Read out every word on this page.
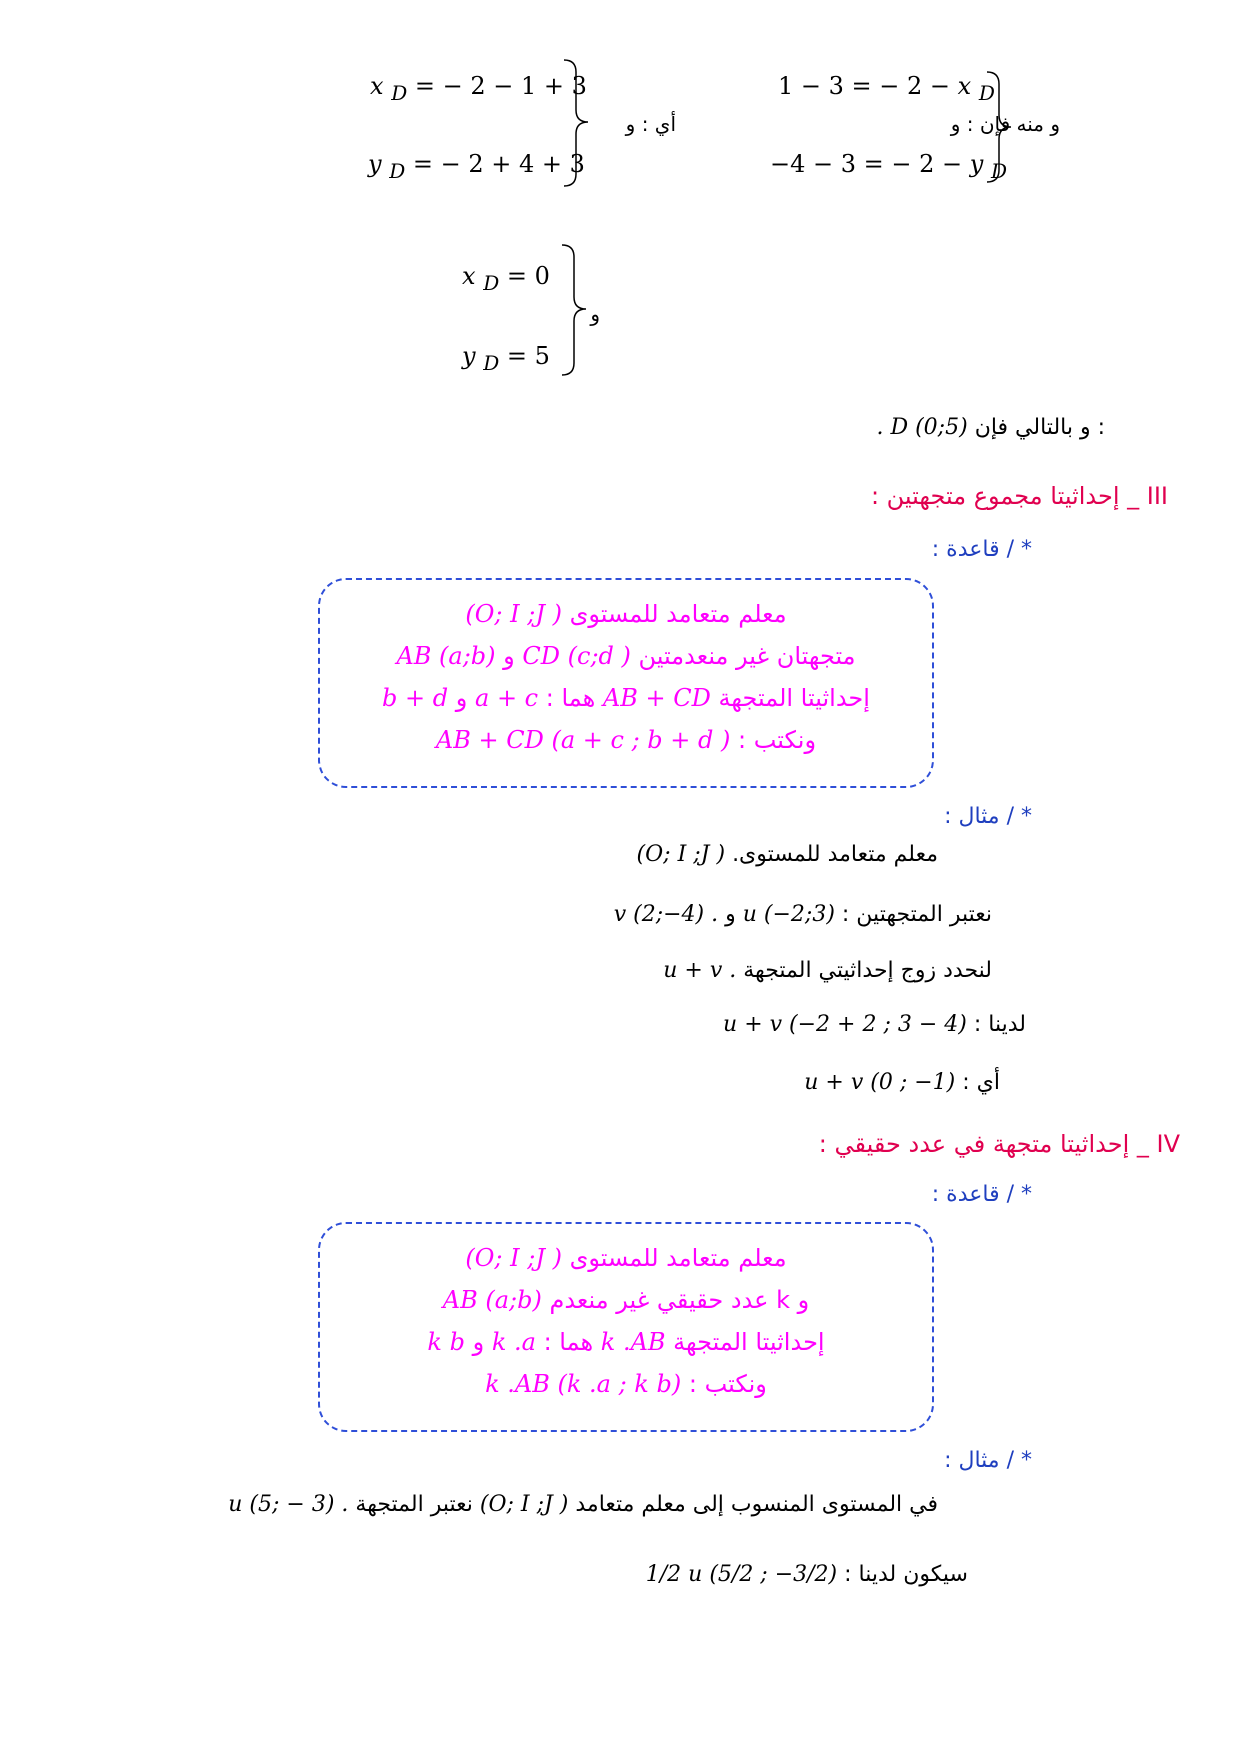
و منه فإن : و
1 − 3 = − 2 − x $_D$
−4 − 3 = − 2 − y $_D$
أي : و
x $_D$ = − 2 − 1 + 3
y $_D$ = − 2 + 4 + 3
x $_D$ = 0
y $_D$ = 5
و
. D (0;5) و بالتالي فإن :
III _ إحداثيتا مجموع متجهتين :
* / قاعدة :
(O; I ;J ) معلم متعامد للمستوى
متجهتان غير منعدمتين CD (c;d ) و AB (a;b)
إحداثيتا المتجهة AB + CD هما : a + c و b + d
ونكتب : AB + CD (a + c ; b + d )
* / مثال :
معلم متعامد للمستوى. (O; I ;J )
نعتبر المتجهتين : u (−2;3) و v (2;−4) .
لنحدد زوج إحداثيتي المتجهة u + v .
لدينا : u + v (−2 + 2 ; 3 − 4)
أي : u + v (0 ; −1)
IV _ إحداثيتا متجهة في عدد حقيقي :
* / قاعدة :
(O; I ;J ) معلم متعامد للمستوى
و k عدد حقيقي غير منعدم AB (a;b)
إحداثيتا المتجهة k .AB هما : k .a و k b
ونكتب : k .AB (k .a ; k b)
* / مثال :
في المستوى المنسوب إلى معلم متعامد (O; I ;J ) نعتبر المتجهة u (5; − 3) .
سيكون لدينا : 1/2 u (5/2 ; −3/2)
